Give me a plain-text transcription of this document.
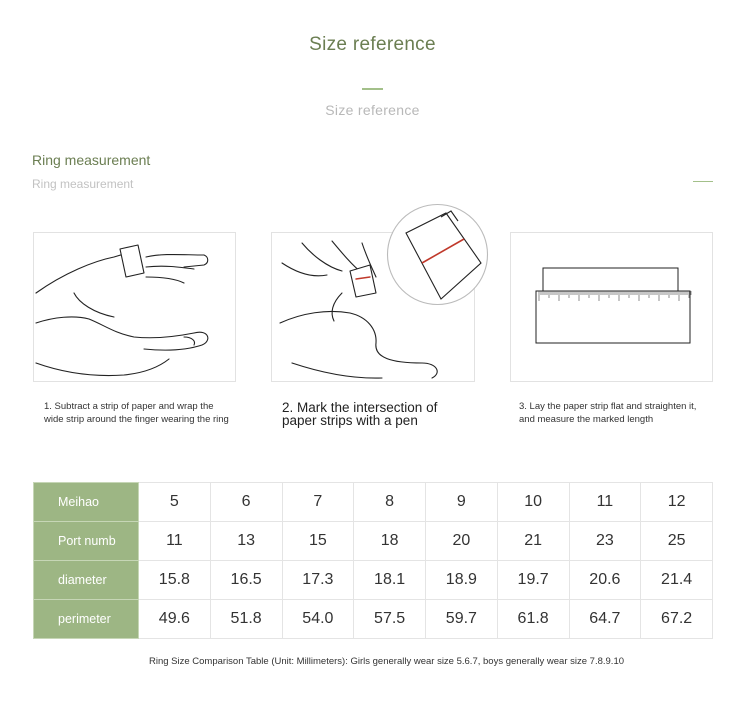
Size reference
Size reference
Ring measurement
Ring measurement
1. Subtract a strip of paper and wrap the wide strip around the finger wearing the ring
2. Mark the intersection of paper strips with a pen
3. Lay the paper strip flat and straighten it, and measure the marked length
Meihao	5	6	7	8	9	10	11	12
Port numb	11	13	15	18	20	21	23	25
diameter	15.8	16.5	17.3	18.1	18.9	19.7	20.6	21.4
perimeter	49.6	51.8	54.0	57.5	59.7	61.8	64.7	67.2
Ring Size Comparison Table (Unit: Millimeters): Girls generally wear size 5.6.7, boys generally wear size 7.8.9.10
